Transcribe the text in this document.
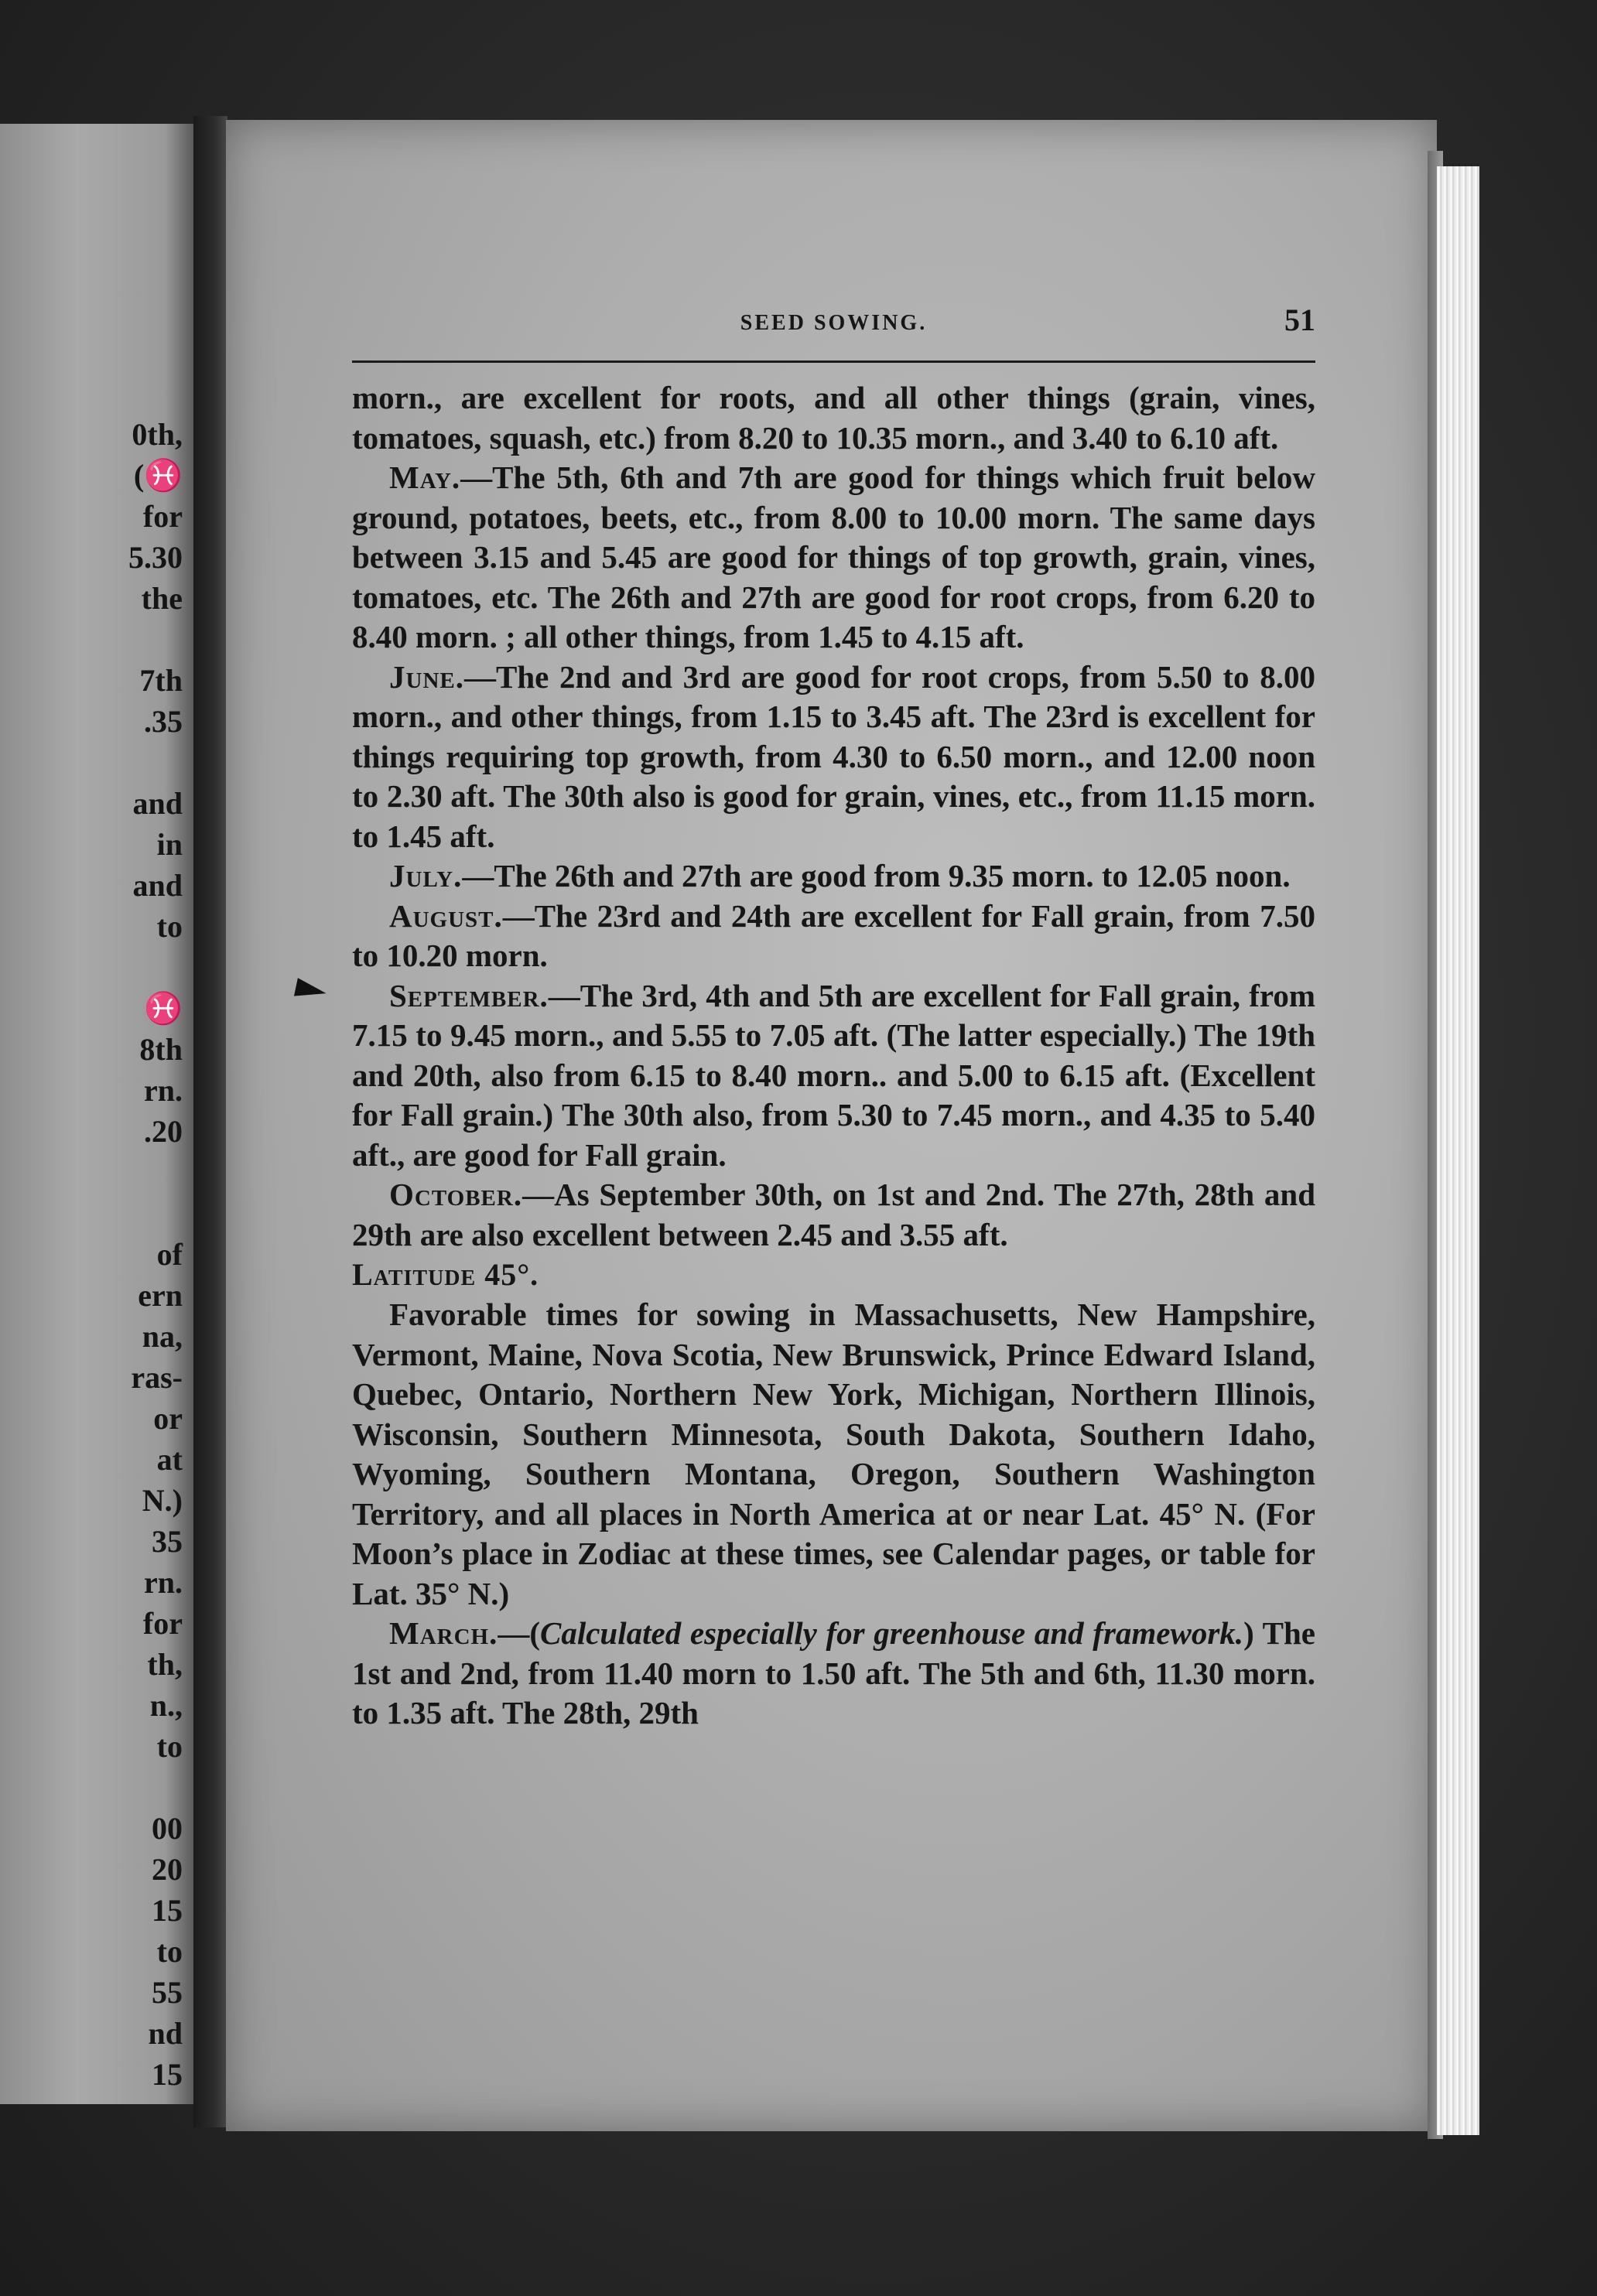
0th,
(♓
for
5.30
the
7th
.35
and
in
and
to
♓
8th
rn.
.20
of
ern
na,
ras-
or
at
N.)
35
rn.
for
th,
n.,
to
00
20
15
to
55
nd
15
SEED SOWING.	51

morn., are excellent for roots, and all other things (grain, vines, tomatoes, squash, etc.) from 8.20 to 10.35 morn., and 3.40 to 6.10 aft.

May.—The 5th, 6th and 7th are good for things which fruit below ground, potatoes, beets, etc., from 8.00 to 10.00 morn. The same days between 3.15 and 5.45 are good for things of top growth, grain, vines, tomatoes, etc. The 26th and 27th are good for root crops, from 6.20 to 8.40 morn. ; all other things, from 1.45 to 4.15 aft.

June.—The 2nd and 3rd are good for root crops, from 5.50 to 8.00 morn., and other things, from 1.15 to 3.45 aft. The 23rd is excellent for things requiring top growth, from 4.30 to 6.50 morn., and 12.00 noon to 2.30 aft. The 30th also is good for grain, vines, etc., from 11.15 morn. to 1.45 aft.

July.—The 26th and 27th are good from 9.35 morn. to 12.05 noon.

August.—The 23rd and 24th are excellent for Fall grain, from 7.50 to 10.20 morn.

September.—The 3rd, 4th and 5th are excellent for Fall grain, from 7.15 to 9.45 morn., and 5.55 to 7.05 aft. (The latter especially.) The 19th and 20th, also from 6.15 to 8.40 morn.. and 5.00 to 6.15 aft. (Excellent for Fall grain.) The 30th also, from 5.30 to 7.45 morn., and 4.35 to 5.40 aft., are good for Fall grain.

October.—As September 30th, on 1st and 2nd. The 27th, 28th and 29th are also excellent between 2.45 and 3.55 aft.

Latitude 45°.

Favorable times for sowing in Massachusetts, New Hampshire, Vermont, Maine, Nova Scotia, New Brunswick, Prince Edward Island, Quebec, Ontario, Northern New York, Michigan, Northern Illinois, Wisconsin, Southern Minnesota, South Dakota, Southern Idaho, Wyoming, Southern Montana, Oregon, Southern Washington Territory, and all places in North America at or near Lat. 45° N. (For Moon’s place in Zodiac at these times, see Calendar pages, or table for Lat. 35° N.)

March.—(Calculated especially for greenhouse and framework.) The 1st and 2nd, from 11.40 morn to 1.50 aft. The 5th and 6th, 11.30 morn. to 1.35 aft. The 28th, 29th
